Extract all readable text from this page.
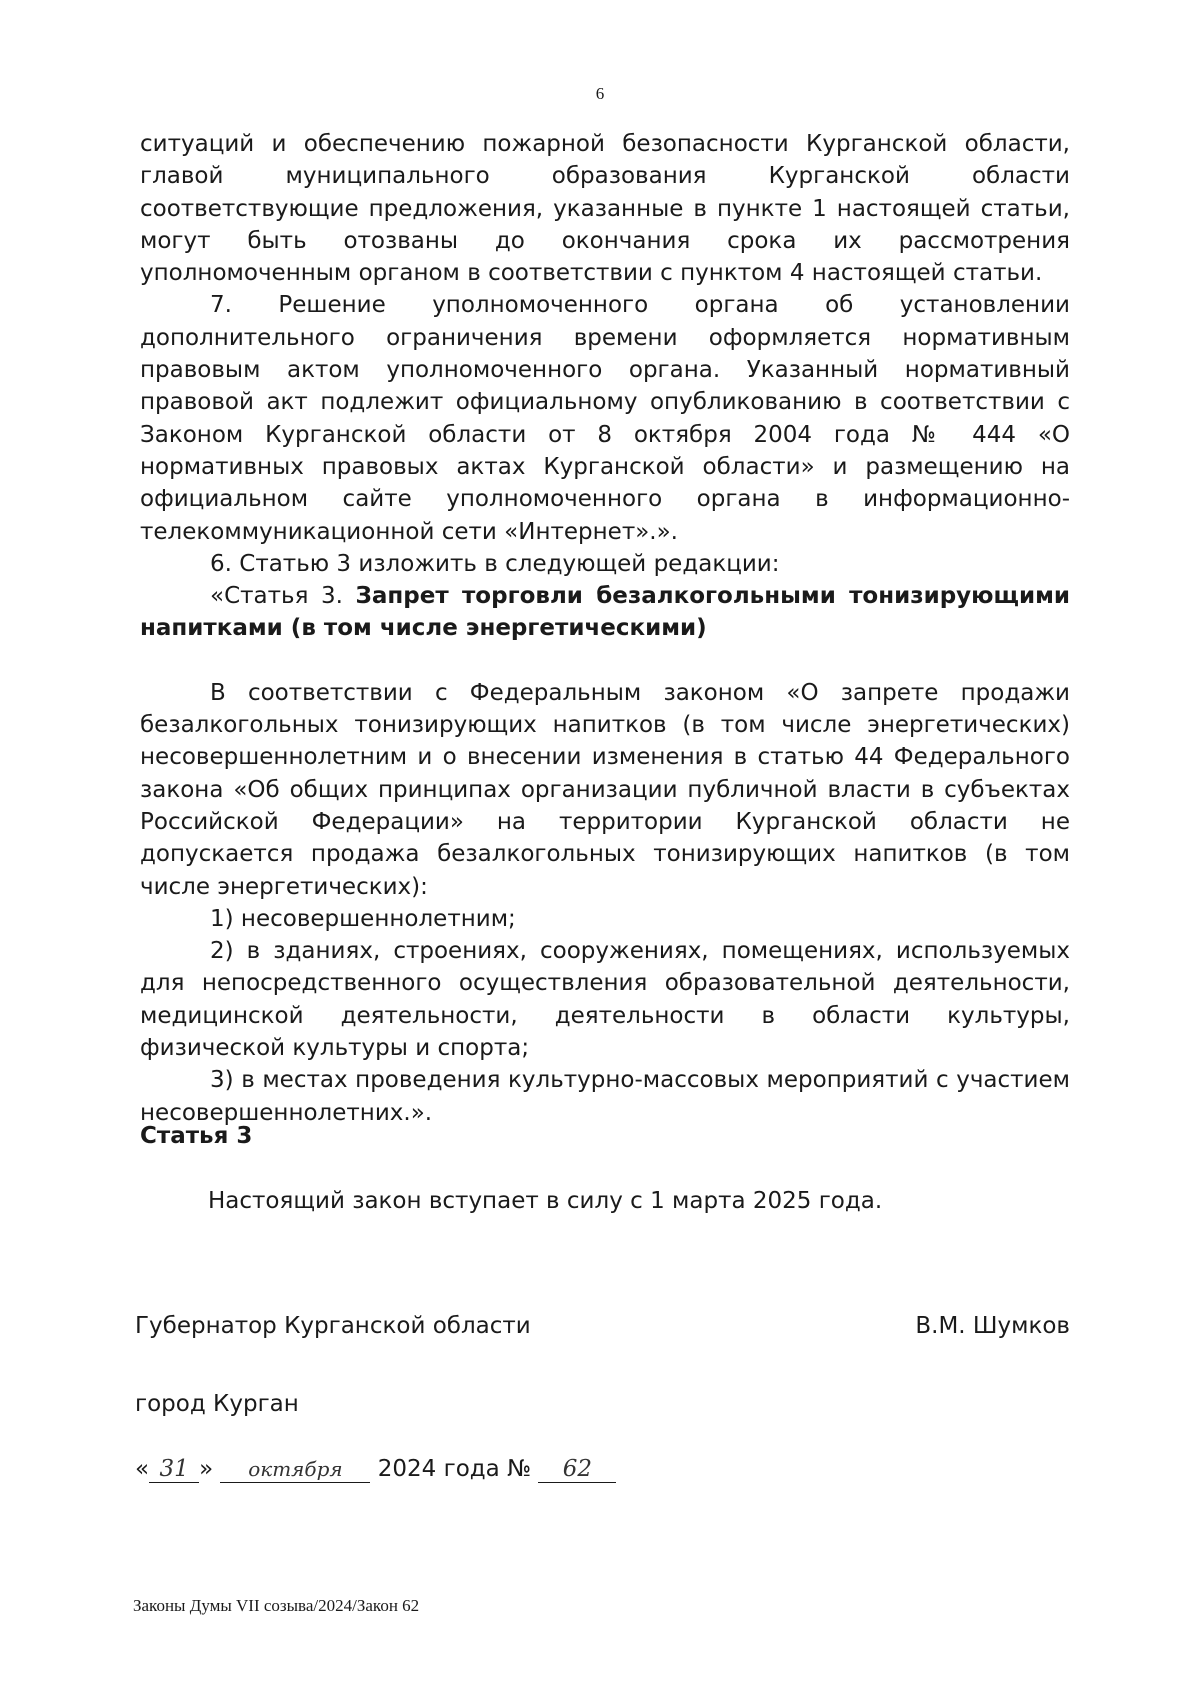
6

ситуаций и обеспечению пожарной безопасности Курганской области, главой муниципального образования Курганской области соответствующие предложения, указанные в пункте 1 настоящей статьи, могут быть отозваны до окончания срока их рассмотрения уполномоченным органом в соответствии с пунктом 4 настоящей статьи.

7. Решение уполномоченного органа об установлении дополнительного ограничения времени оформляется нормативным правовым актом уполномоченного органа. Указанный нормативный правовой акт подлежит официальному опубликованию в соответствии с Законом Курганской области от 8 октября 2004 года № 444 «О нормативных правовых актах Курганской области» и размещению на официальном сайте уполномоченного органа в информационно-телекоммуникационной сети «Интернет».».

6. Статью 3 изложить в следующей редакции:

«Статья 3. Запрет торговли безалкогольными тонизирующими напитками (в том числе энергетическими)

В соответствии с Федеральным законом «О запрете продажи безалкогольных тонизирующих напитков (в том числе энергетических) несовершеннолетним и о внесении изменения в статью 44 Федерального закона «Об общих принципах организации публичной власти в субъектах Российской Федерации» на территории Курганской области не допускается продажа безалкогольных тонизирующих напитков (в том числе энергетических):

1) несовершеннолетним;

2) в зданиях, строениях, сооружениях, помещениях, используемых для непосредственного осуществления образовательной деятельности, медицинской деятельности, деятельности в области культуры, физической культуры и спорта;

3) в местах проведения культурно-массовых мероприятий с участием несовершеннолетних.».

Статья 3
Настоящий закон вступает в силу с 1 марта 2025 года.
Губернатор Курганской области	В.М. Шумков
город Курган
« 31 » октября 2024 года № 62
Законы Думы VII созыва/2024/Закон 62
